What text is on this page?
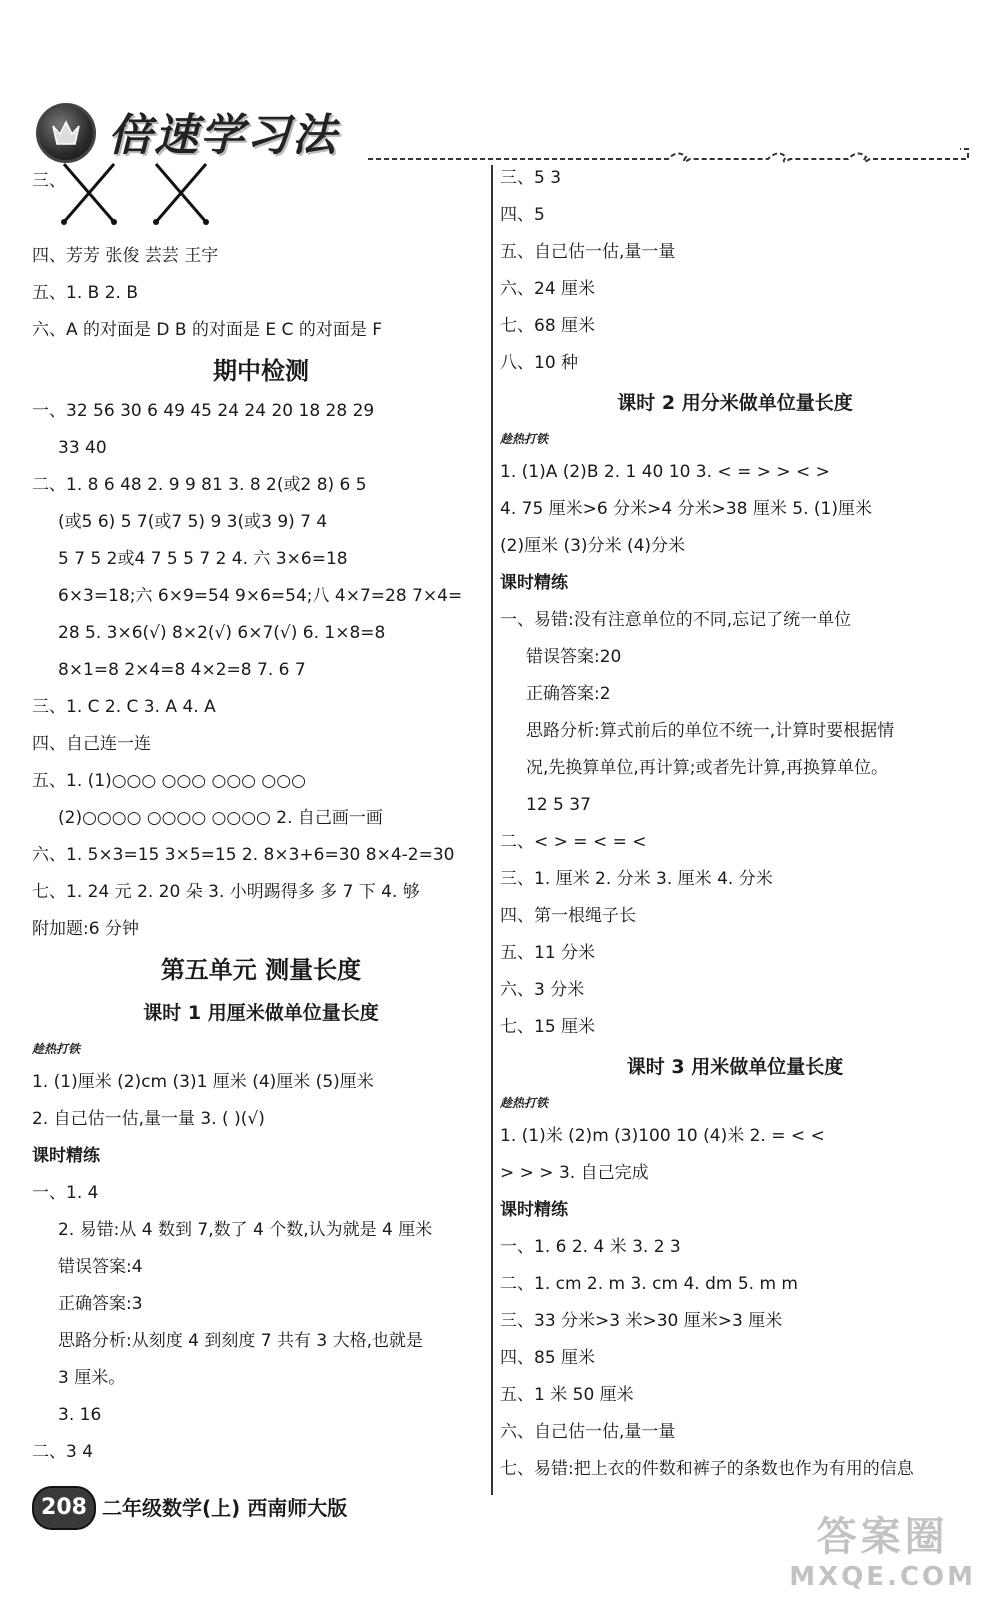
倍速学习法
三、
四、芳芳 张俊 芸芸 王宇
五、1. B 2. B
六、A 的对面是 D B 的对面是 E C 的对面是 F
期中检测
一、32 56 30 6 49 45 24 24 20 18 28 29
33 40
二、1. 8 6 48 2. 9 9 81 3. 8 2(或2 8) 6 5
(或5 6) 5 7(或7 5) 9 3(或3 9) 7 4
5 7 5 2或4 7 5 5 7 2 4. 六 3×6=18
6×3=18;六 6×9=54 9×6=54;八 4×7=28 7×4=
28 5. 3×6(√) 8×2(√) 6×7(√) 6. 1×8=8
8×1=8 2×4=8 4×2=8 7. 6 7
三、1. C 2. C 3. A 4. A
四、自己连一连
五、1. (1)○○○ ○○○ ○○○ ○○○
(2)○○○○ ○○○○ ○○○○ 2. 自己画一画
六、1. 5×3=15 3×5=15 2. 8×3+6=30 8×4-2=30
七、1. 24 元 2. 20 朵 3. 小明踢得多 多 7 下 4. 够
附加题:6 分钟
第五单元 测量长度
课时 1 用厘米做单位量长度
趁热打铁
1. (1)厘米 (2)cm (3)1 厘米 (4)厘米 (5)厘米
2. 自己估一估,量一量 3. ( )(√)
课时精练
一、1. 4
2. 易错:从 4 数到 7,数了 4 个数,认为就是 4 厘米
错误答案:4
正确答案:3
思路分析:从刻度 4 到刻度 7 共有 3 大格,也就是
3 厘米。
3. 16
二、3 4
三、5 3
四、5
五、自己估一估,量一量
六、24 厘米
七、68 厘米
八、10 种
课时 2 用分米做单位量长度
趁热打铁
1. (1)A (2)B 2. 1 40 10 3. < = > > < >
4. 75 厘米>6 分米>4 分米>38 厘米 5. (1)厘米
(2)厘米 (3)分米 (4)分米
课时精练
一、易错:没有注意单位的不同,忘记了统一单位
错误答案:20
正确答案:2
思路分析:算式前后的单位不统一,计算时要根据情
况,先换算单位,再计算;或者先计算,再换算单位。
12 5 37
二、< > = < = <
三、1. 厘米 2. 分米 3. 厘米 4. 分米
四、第一根绳子长
五、11 分米
六、3 分米
七、15 厘米
课时 3 用米做单位量长度
趁热打铁
1. (1)米 (2)m (3)100 10 (4)米 2. = < <
> > > 3. 自己完成
课时精练
一、1. 6 2. 4 米 3. 2 3
二、1. cm 2. m 3. cm 4. dm 5. m m
三、33 分米>3 米>30 厘米>3 厘米
四、85 厘米
五、1 米 50 厘米
六、自己估一估,量一量
七、易错:把上衣的件数和裤子的条数也作为有用的信息
208 二年级数学(上) 西南师大版
答案圈
MXQE.COM
